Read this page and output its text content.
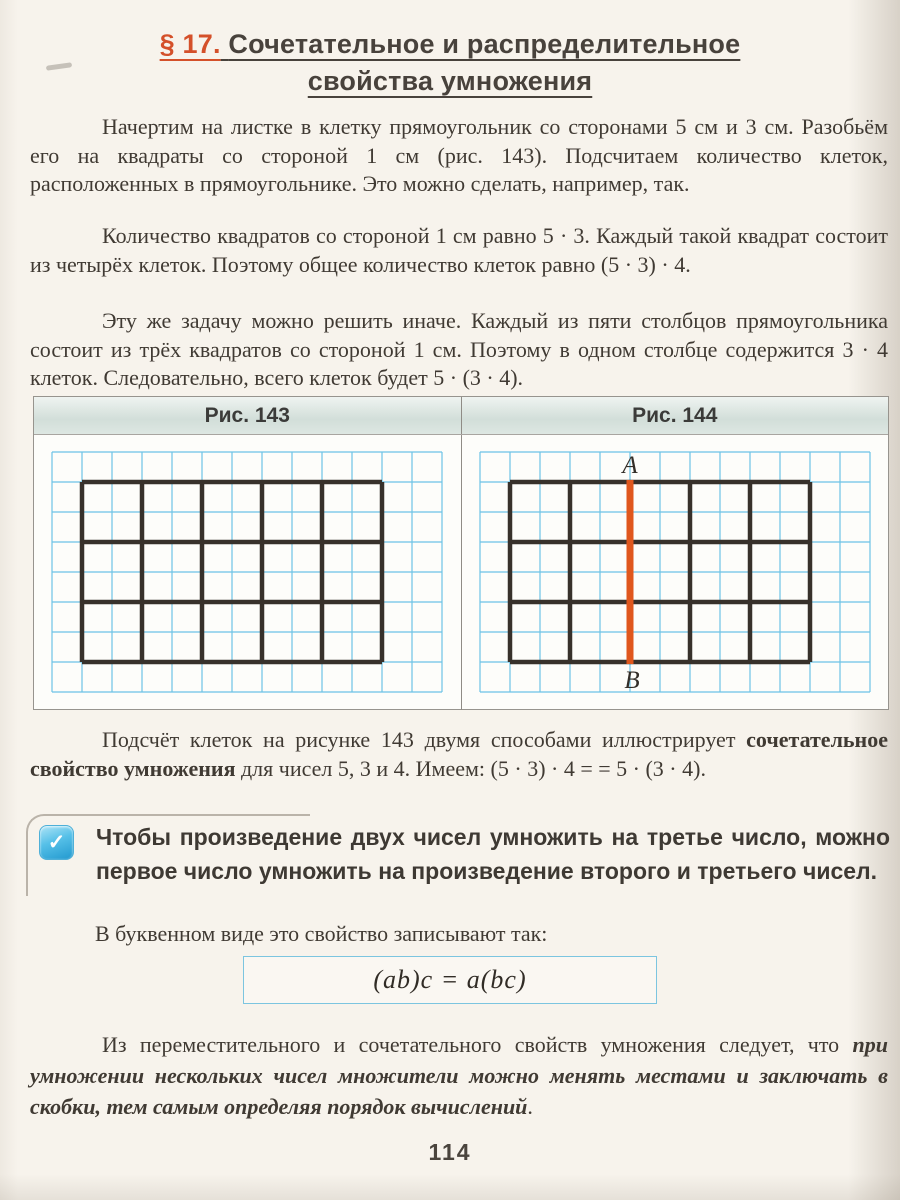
§ 17. Сочетательное и распределительное
свойства умножения

Начертим на листке в клетку прямоугольник со сторонами 5 см и 3 см. Разобьём его на квадраты со стороной 1 см (рис. 143). Подсчитаем количество клеток, расположенных в прямоугольнике. Это можно сделать, например, так.

Количество квадратов со стороной 1 см равно 5 · 3. Каждый такой квадрат состоит из четырёх клеток. Поэтому общее количество клеток равно (5 · 3) · 4.

Эту же задачу можно решить иначе. Каждый из пяти столбцов прямоугольника состоит из трёх квадратов со стороной 1 см. Поэтому в одном столбце содержится 3 · 4 клеток. Следовательно, всего клеток будет 5 · (3 · 4).

Рис. 143	Рис. 144
A
B

Подсчёт клеток на рисунке 143 двумя способами иллюстрирует сочетательное свойство умножения для чисел 5, 3 и 4. Имеем: (5 · 3) · 4 = = 5 · (3 · 4).

✓ Чтобы произведение двух чисел умножить на третье число, можно первое число умножить на произведение второго и третьего чисел.

В буквенном виде это свойство записывают так:

(ab)c = a(bc)

Из переместительного и сочетательного свойств умножения следует, что при умножении нескольких чисел множители можно менять местами и заключать в скобки, тем самым определяя порядок вычислений.

114
